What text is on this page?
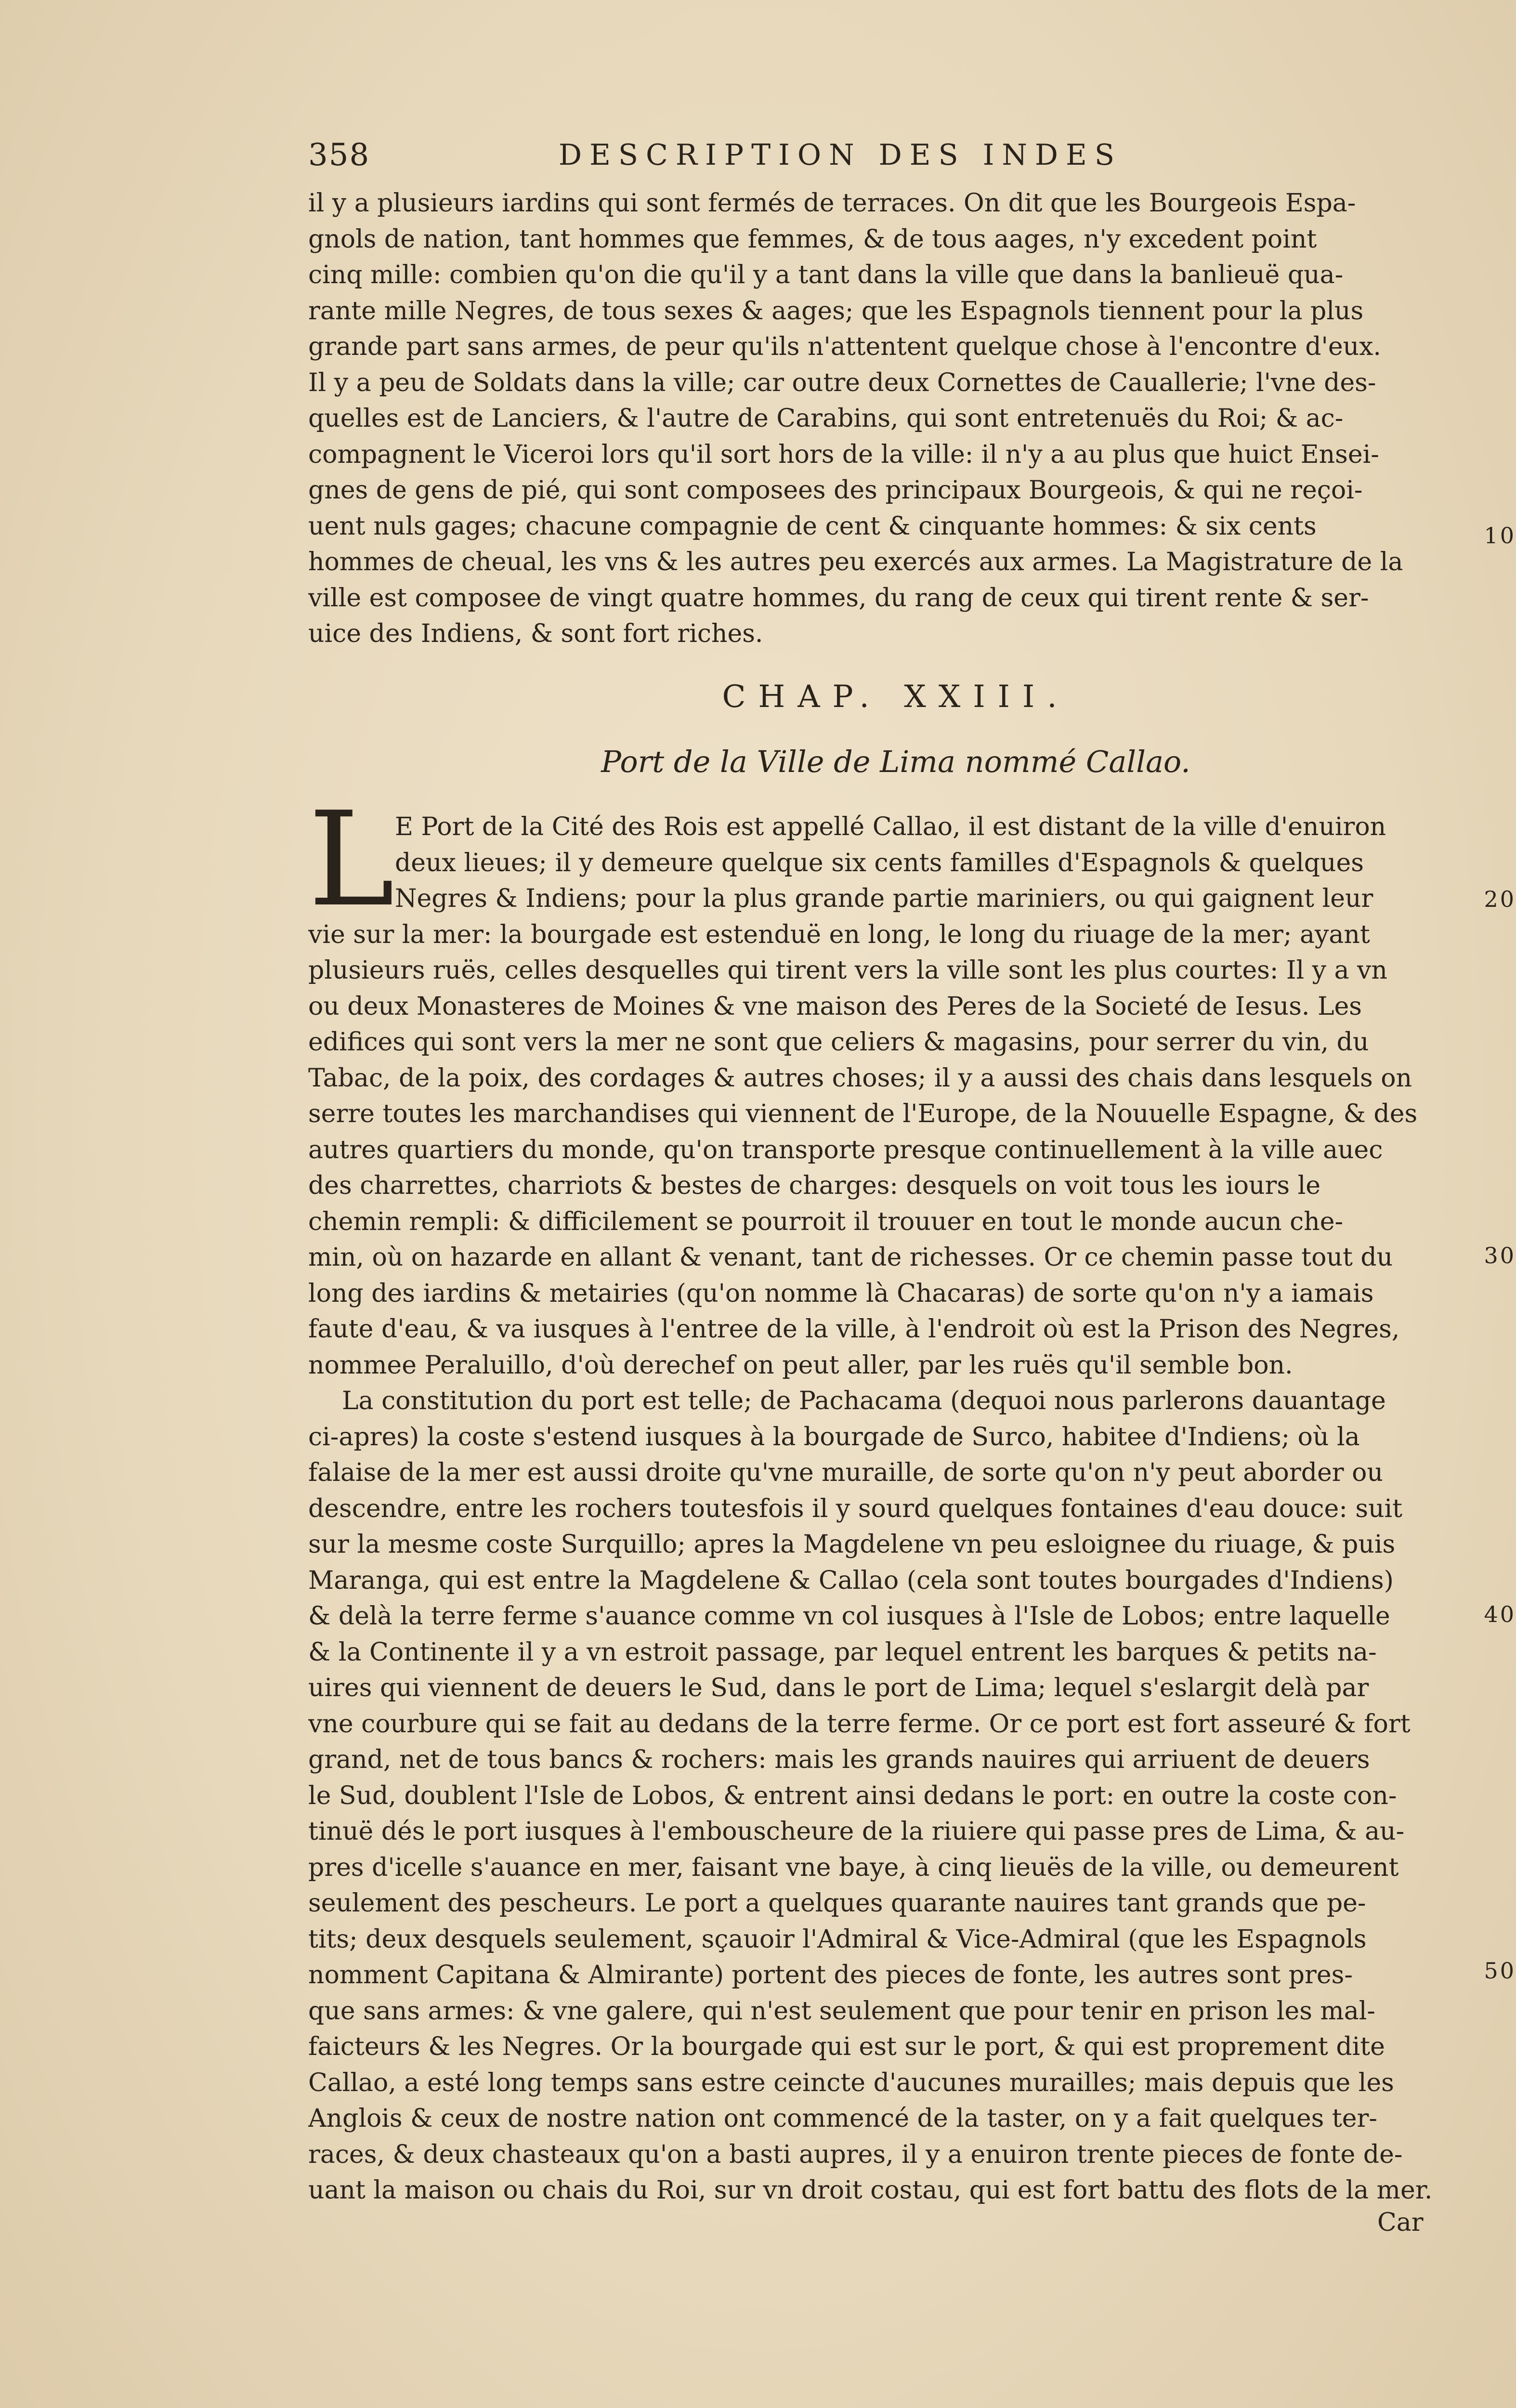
358	DESCRIPTION DES INDES
il y a plusieurs iardins qui sont fermés de terraces. On dit que les Bourgeois Espa-
gnols de nation, tant hommes que femmes, & de tous aages, n'y excedent point
cinq mille: combien qu'on die qu'il y a tant dans la ville que dans la banlieuë qua-
rante mille Negres, de tous sexes & aages; que les Espagnols tiennent pour la plus
grande part sans armes, de peur qu'ils n'attentent quelque chose à l'encontre d'eux.
Il y a peu de Soldats dans la ville; car outre deux Cornettes de Cauallerie; l'vne des-
quelles est de Lanciers, & l'autre de Carabins, qui sont entretenuës du Roi; & ac-
compagnent le Viceroi lors qu'il sort hors de la ville: il n'y a au plus que huict Ensei-
gnes de gens de pié, qui sont composees des principaux Bourgeois, & qui ne reçoi-
uent nuls gages; chacune compagnie de cent & cinquante hommes: & six cents
hommes de cheual, les vns & les autres peu exercés aux armes. La Magistrature de la
ville est composee de vingt quatre hommes, du rang de ceux qui tirent rente & ser-
uice des Indiens, & sont fort riches.
10
CHAP. XXIII.
Port de la Ville de Lima nommé Callao.
L E Port de la Cité des Rois est appellé Callao, il est distant de la ville d'enuiron
deux lieues; il y demeure quelque six cents familles d'Espagnols & quelques
Negres & Indiens; pour la plus grande partie mariniers, ou qui gaignent leur
vie sur la mer: la bourgade est estenduë en long, le long du riuage de la mer; ayant
plusieurs ruës, celles desquelles qui tirent vers la ville sont les plus courtes: Il y a vn
ou deux Monasteres de Moines & vne maison des Peres de la Societé de Iesus. Les
edifices qui sont vers la mer ne sont que celiers & magasins, pour serrer du vin, du
Tabac, de la poix, des cordages & autres choses; il y a aussi des chais dans lesquels on
serre toutes les marchandises qui viennent de l'Europe, de la Nouuelle Espagne, & des
autres quartiers du monde, qu'on transporte presque continuellement à la ville auec
des charrettes, charriots & bestes de charges: desquels on voit tous les iours le
chemin rempli: & difficilement se pourroit il trouuer en tout le monde aucun che-
min, où on hazarde en allant & venant, tant de richesses. Or ce chemin passe tout du
long des iardins & metairies (qu'on nomme là Chacaras) de sorte qu'on n'y a iamais
faute d'eau, & va iusques à l'entree de la ville, à l'endroit où est la Prison des Negres,
nommee Peraluillo, d'où derechef on peut aller, par les ruës qu'il semble bon.
20
30
La constitution du port est telle; de Pachacama (dequoi nous parlerons dauantage
ci-apres) la coste s'estend iusques à la bourgade de Surco, habitee d'Indiens; où la
falaise de la mer est aussi droite qu'vne muraille, de sorte qu'on n'y peut aborder ou
descendre, entre les rochers toutesfois il y sourd quelques fontaines d'eau douce: suit
sur la mesme coste Surquillo; apres la Magdelene vn peu esloignee du riuage, & puis
Maranga, qui est entre la Magdelene & Callao (cela sont toutes bourgades d'Indiens)
& delà la terre ferme s'auance comme vn col iusques à l'Isle de Lobos; entre laquelle
& la Continente il y a vn estroit passage, par lequel entrent les barques & petits na-
uires qui viennent de deuers le Sud, dans le port de Lima; lequel s'eslargit delà par
vne courbure qui se fait au dedans de la terre ferme. Or ce port est fort asseuré & fort
grand, net de tous bancs & rochers: mais les grands nauires qui arriuent de deuers
le Sud, doublent l'Isle de Lobos, & entrent ainsi dedans le port: en outre la coste con-
tinuë dés le port iusques à l'embouscheure de la riuiere qui passe pres de Lima, & au-
pres d'icelle s'auance en mer, faisant vne baye, à cinq lieuës de la ville, ou demeurent
seulement des pescheurs. Le port a quelques quarante nauires tant grands que pe-
tits; deux desquels seulement, sçauoir l'Admiral & Vice-Admiral (que les Espagnols
nomment Capitana & Almirante) portent des pieces de fonte, les autres sont pres-
que sans armes: & vne galere, qui n'est seulement que pour tenir en prison les mal-
faicteurs & les Negres. Or la bourgade qui est sur le port, & qui est proprement dite
Callao, a esté long temps sans estre ceincte d'aucunes murailles; mais depuis que les
Anglois & ceux de nostre nation ont commencé de la taster, on y a fait quelques ter-
races, & deux chasteaux qu'on a basti aupres, il y a enuiron trente pieces de fonte de-
uant la maison ou chais du Roi, sur vn droit costau, qui est fort battu des flots de la mer.
40
50
Car
